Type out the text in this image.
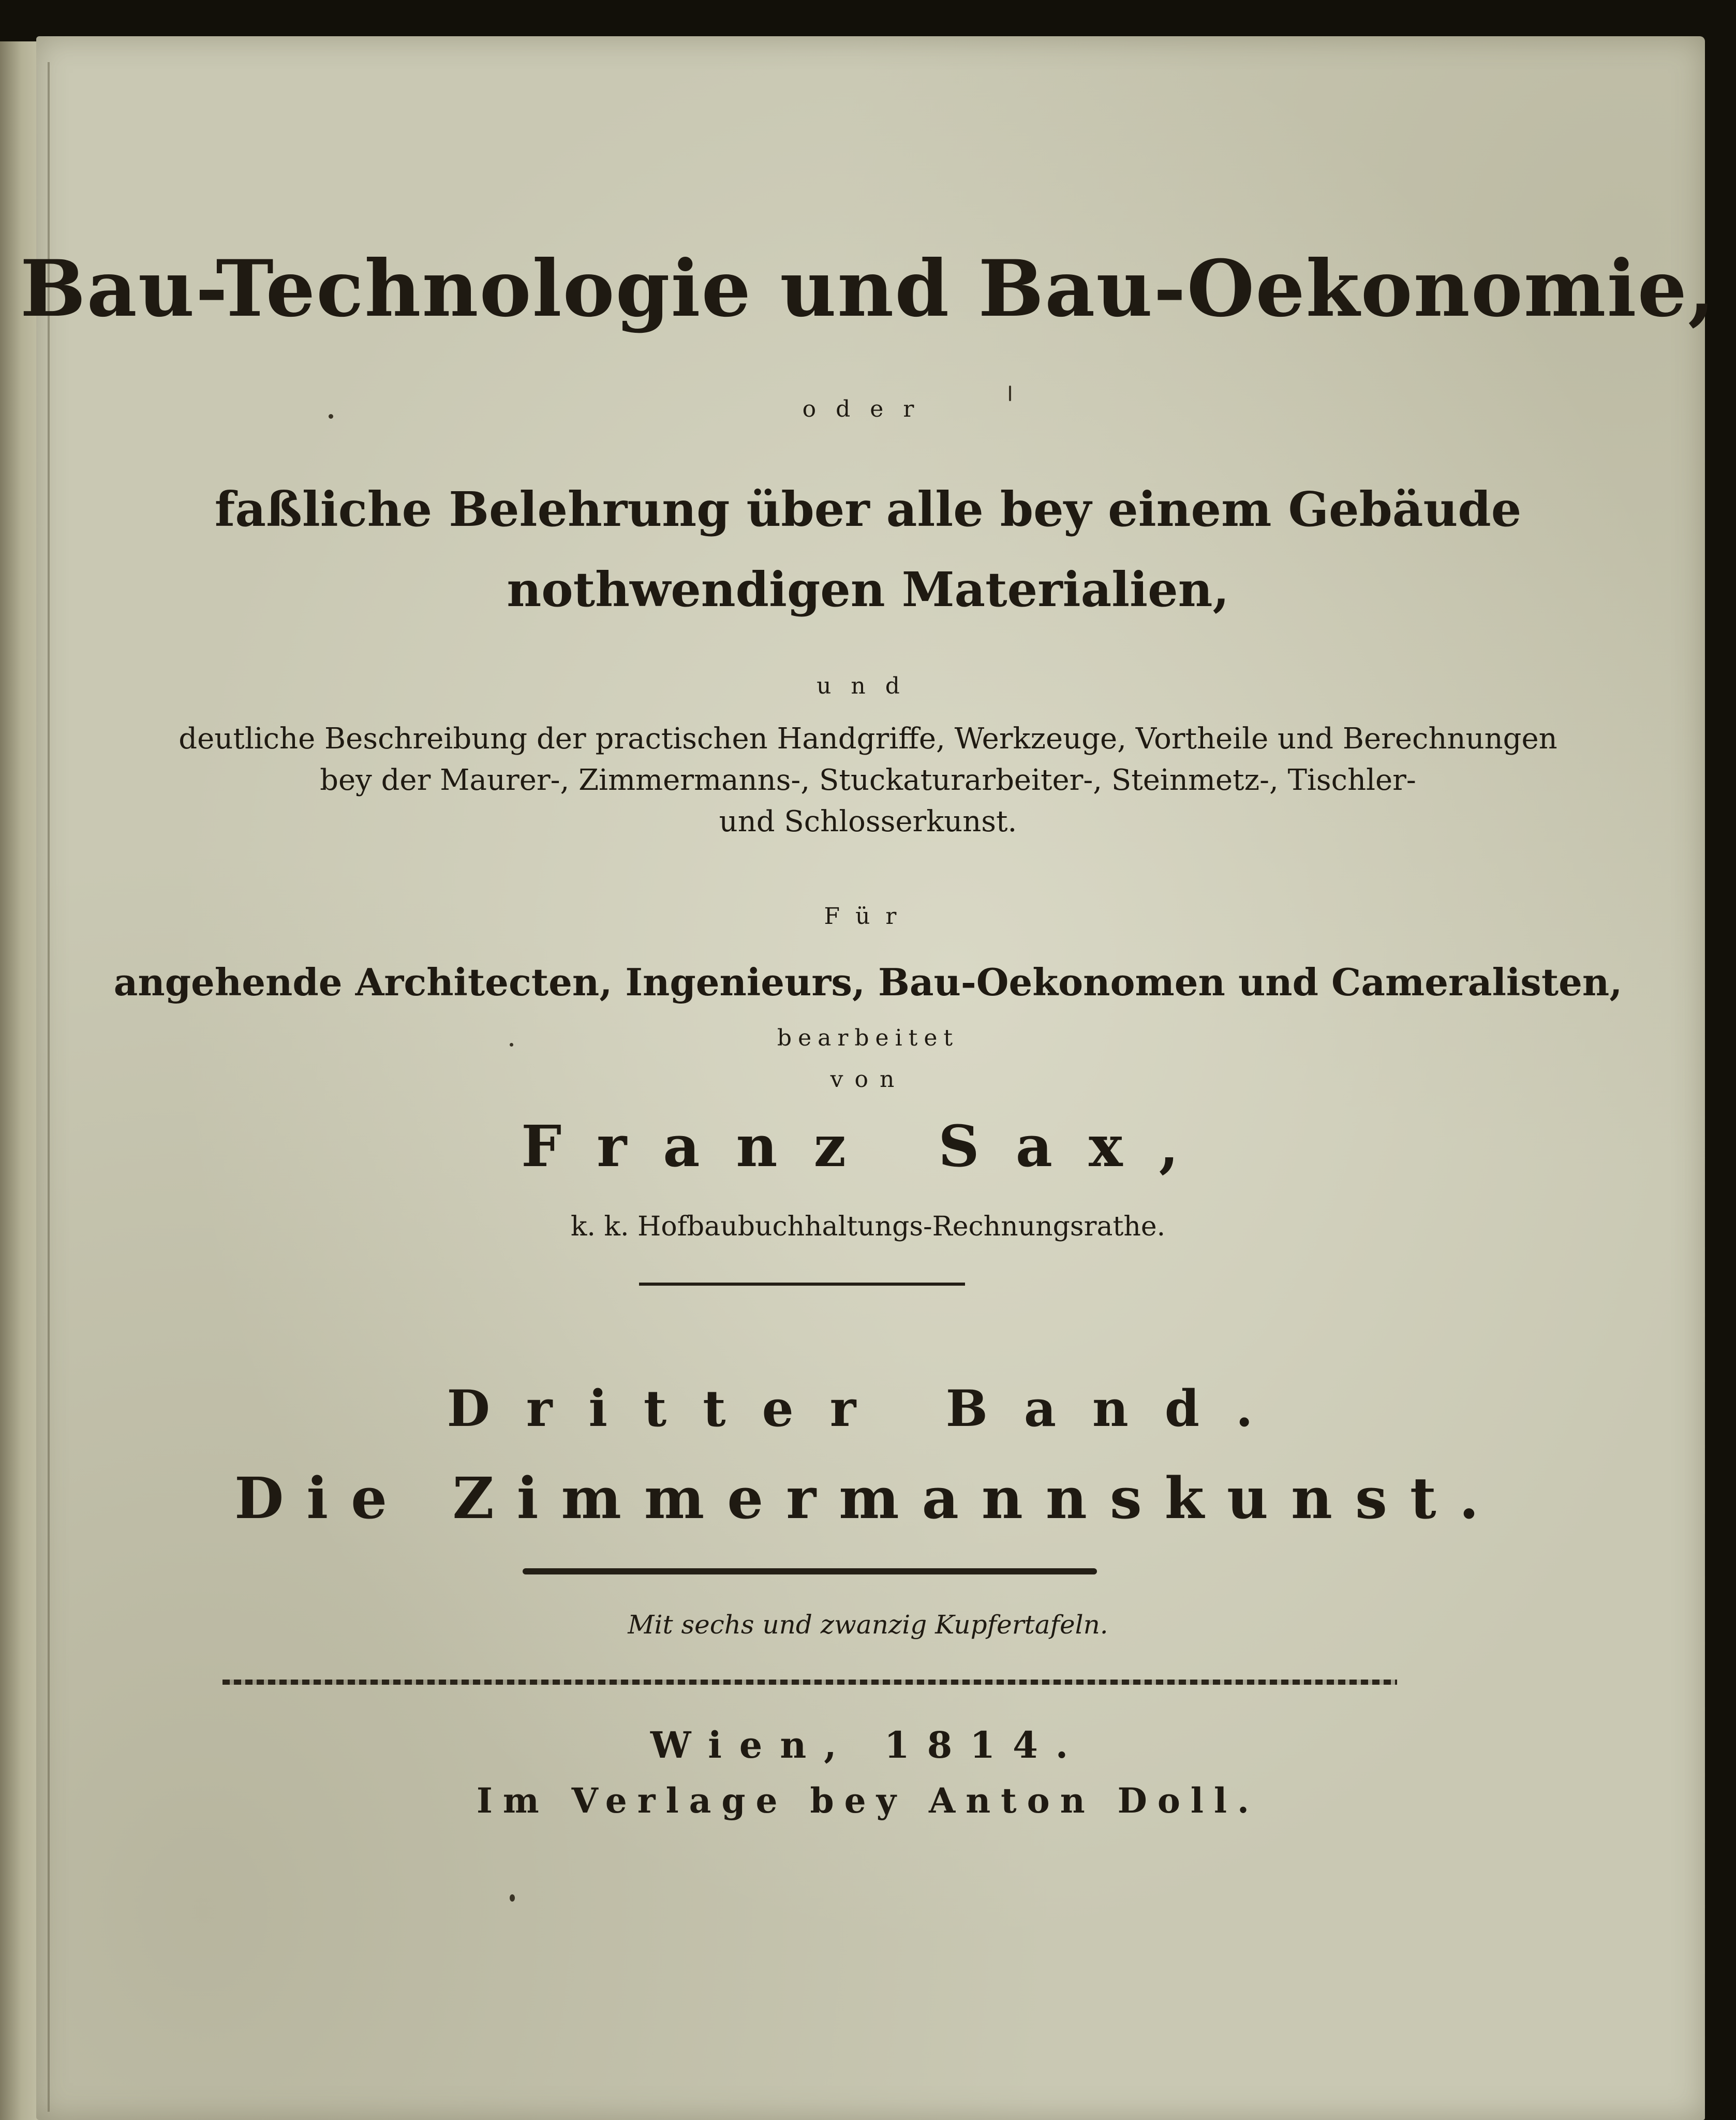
Bau-Technologie und Bau-Oekonomie,
oder
faßliche Belehrung über alle bey einem Gebäude
nothwendigen Materialien,
und
deutliche Beschreibung der practischen Handgriffe, Werkzeuge, Vortheile und Berechnungen
bey der Maurer-, Zimmermanns-, Stuckaturarbeiter-, Steinmetz-, Tischler-
und Schlosserkunst.
Für
angehende Architecten, Ingenieurs, Bau-Oekonomen und Cameralisten,
bearbeitet
von
Franz Sax,
k. k. Hofbaubuchhaltungs-Rechnungsrathe.
Dritter Band.
Die Zimmermannskunst.
Mit sechs und zwanzig Kupfertafeln.
Wien, 1814.
Im Verlage bey Anton Doll.
